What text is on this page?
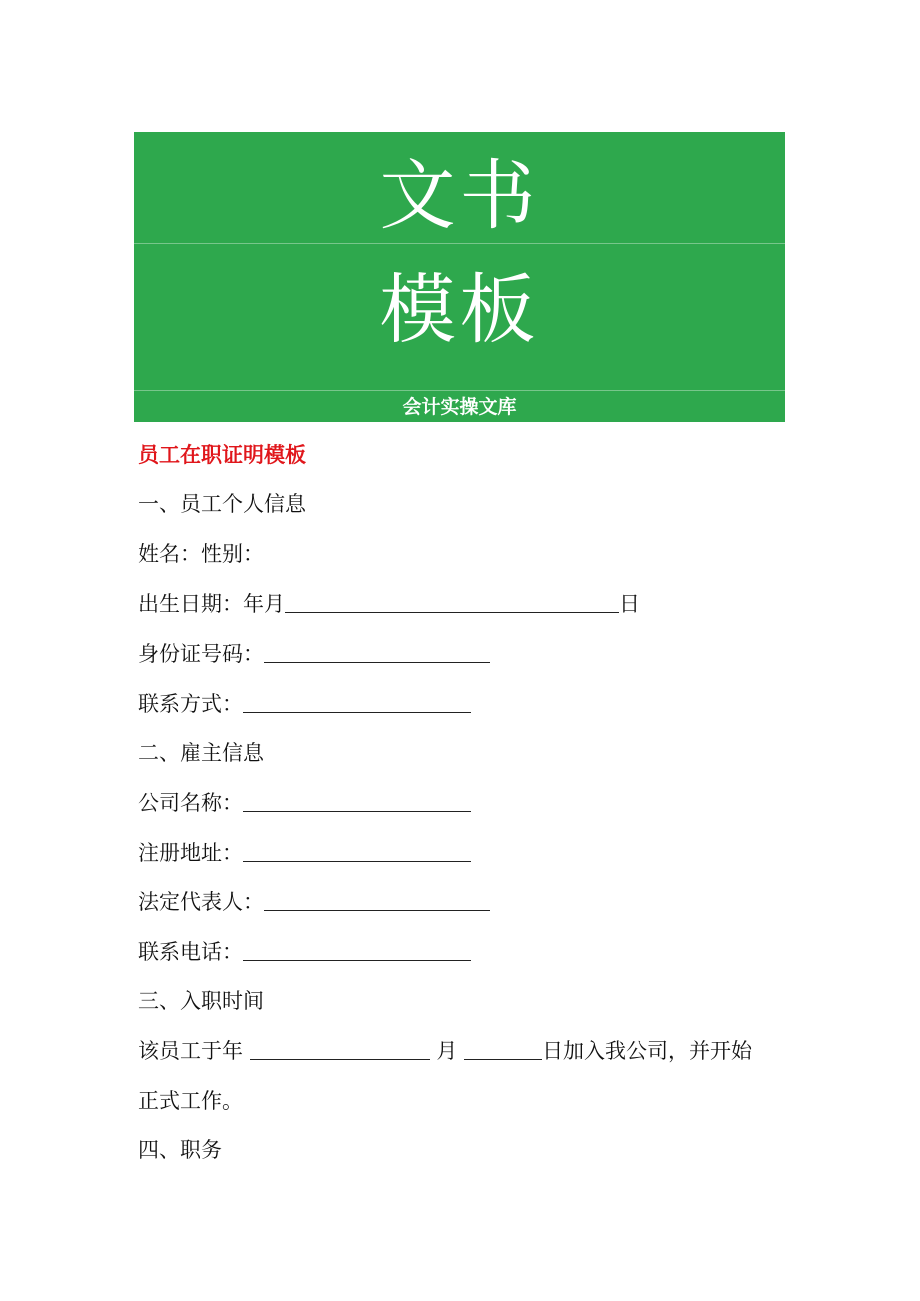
文书
模板
会计实操文库
员工在职证明模板
一、员工个人信息
姓名：性别：
出生日期：年月	日
身份证号码：
联系方式：
二、雇主信息
公司名称：
注册地址：
法定代表人：
联系电话：
三、入职时间
该员工于年	月	日加入我公司，并开始
正式工作。
四、职务
